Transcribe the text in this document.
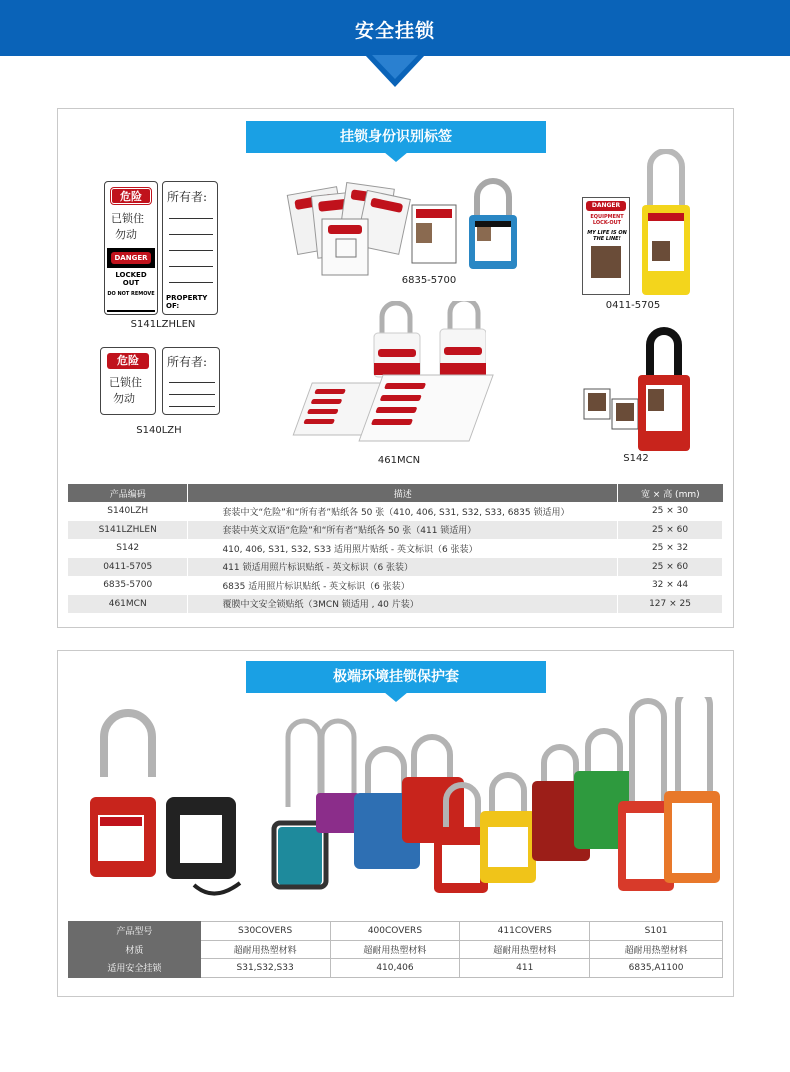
安全挂锁
挂锁身份识别标签
危险
已锁住
勿动
DANGER
LOCKED OUT
DO NOT REMOVE
所有者:
PROPERTY OF:
S141LZHLEN
危险
已锁住
勿动
所有者:
S140LZH
6835-5700
DANGER
EQUIPMENT LOCK-OUT
MY LIFE IS ON THE LINE!
0411-5705
461MCN	S142
产品编码	描述	宽 × 高 (mm)
S140LZH	套装中文“危险”和“所有者”贴纸各 50 张（410, 406, S31, S32, S33, 6835 锁适用）	25 × 30
S141LZHLEN	套装中英文双语“危险”和“所有者”贴纸各 50 张（411 锁适用）	25 × 60
S142	410, 406, S31, S32, S33 适用照片贴纸 - 英文标识（6 张装）	25 × 32
0411-5705	411 锁适用照片标识贴纸 - 英文标识（6 张装）	25 × 60
6835-5700	6835 适用照片标识贴纸 - 英文标识（6 张装）	32 × 44
461MCN	覆膜中文安全锁贴纸（3MCN 锁适用 , 40 片装）	127 × 25
极端环境挂锁保护套
产品型号	S30COVERS	400COVERS	411COVERS	S101
材质	超耐用热塑材料	超耐用热塑材料	超耐用热塑材料	超耐用热塑材料
适用安全挂锁	S31,S32,S33	410,406	411	6835,A1100
